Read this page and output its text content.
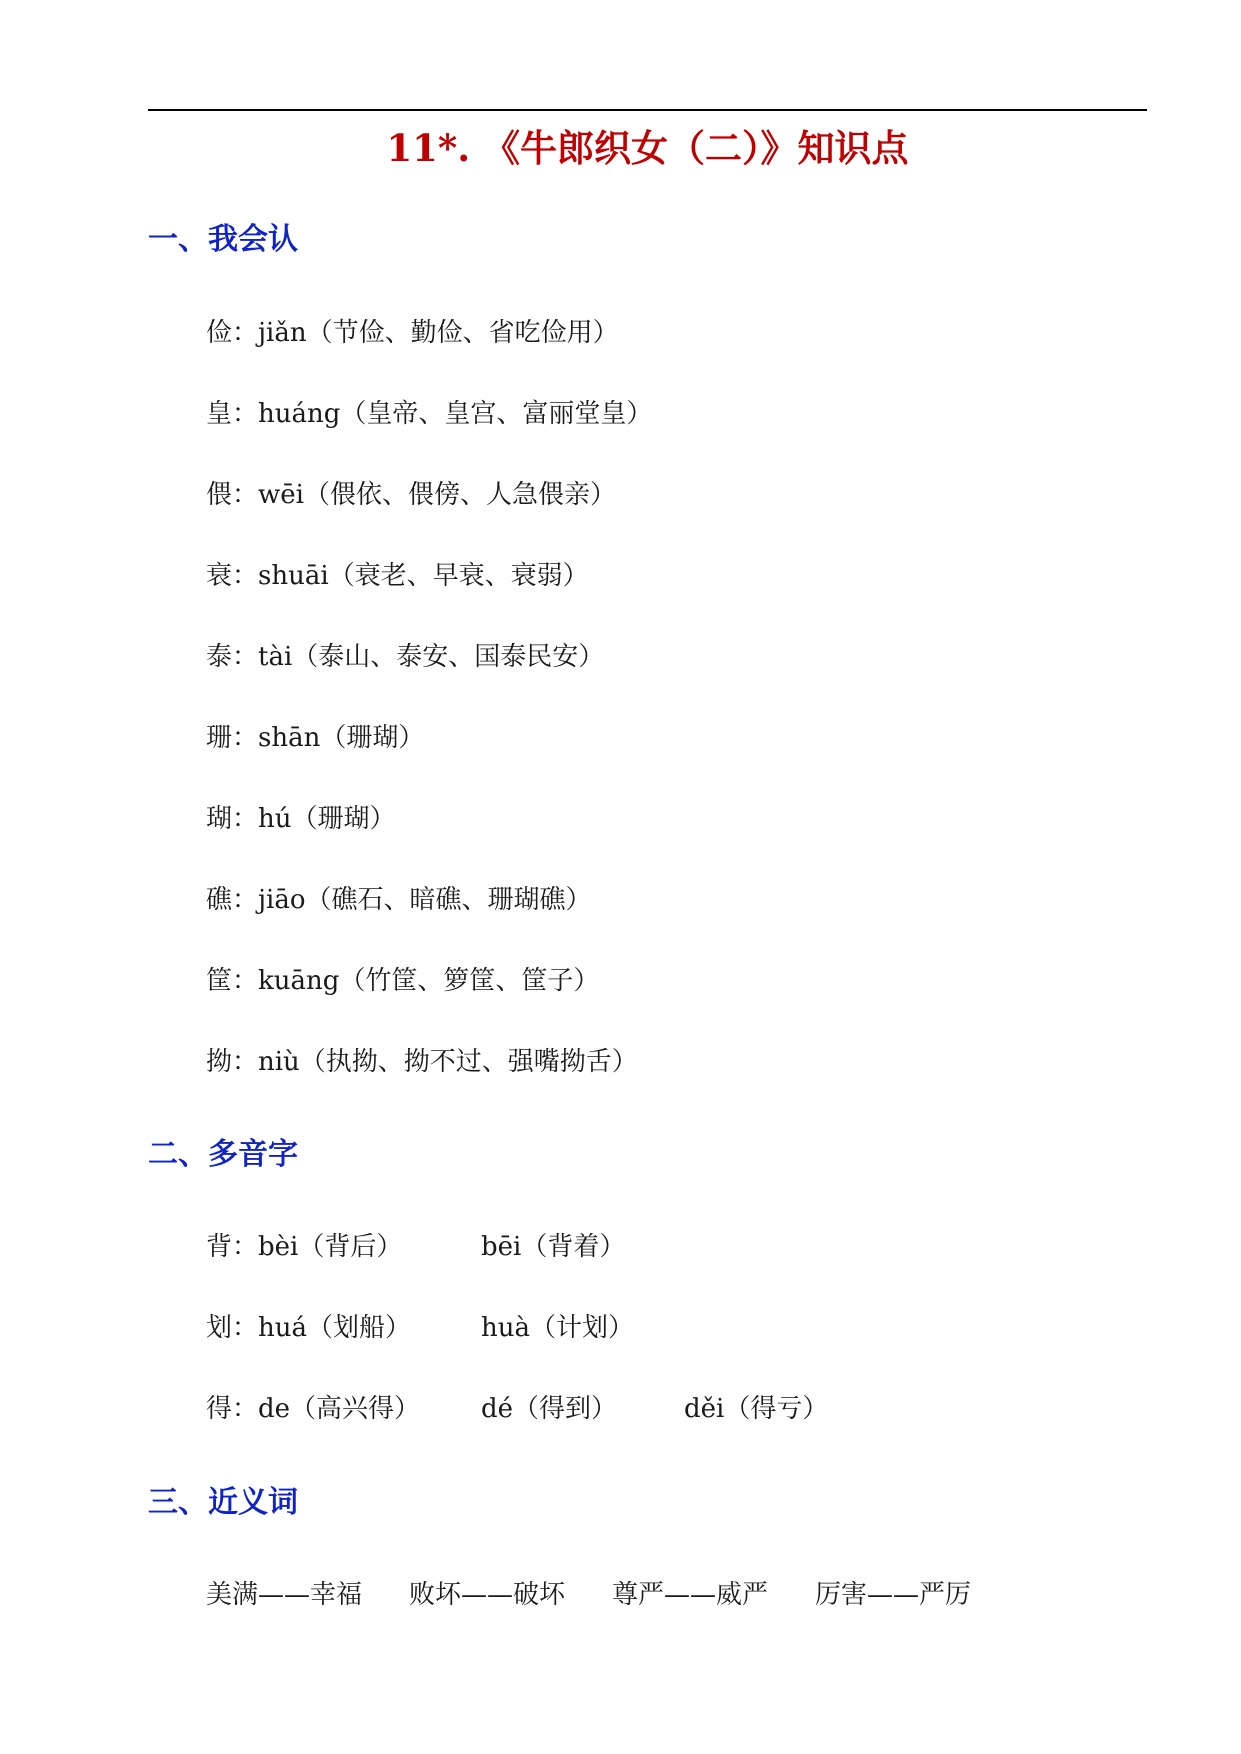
11*. 《牛郎织女（二）》知识点
一、我会认
俭：jiǎn（节俭、勤俭、省吃俭用）
皇：huáng（皇帝、皇宫、富丽堂皇）
偎：wēi（偎依、偎傍、人急偎亲）
衰：shuāi（衰老、早衰、衰弱）
泰：tài（泰山、泰安、国泰民安）
珊：shān（珊瑚）
瑚：hú（珊瑚）
礁：jiāo（礁石、暗礁、珊瑚礁）
筐：kuāng（竹筐、箩筐、筐子）
拗：niù（执拗、拗不过、强嘴拗舌）
二、多音字
背：bèi（背后）	bēi（背着）
划：huá（划船）	huà（计划）
得：de（高兴得） dé（得到）	děi（得亏）
三、近义词
美满——幸福 败坏——破坏 尊严——威严 厉害——严厉
